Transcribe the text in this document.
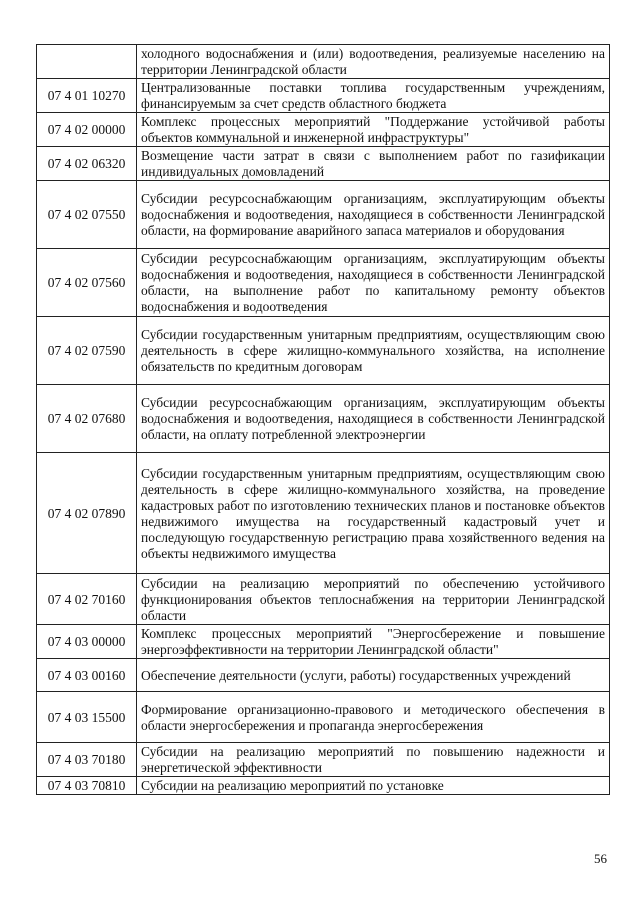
	холодного водоснабжения и (или) водоотведения, реализуемые населению на территории Ленинградской области
07 4 01 10270	Централизованные поставки топлива государственным учреждениям, финансируемым за счет средств областного бюджета
07 4 02 00000	Комплекс процессных мероприятий "Поддержание устойчивой работы объектов коммунальной и инженерной инфраструктуры"
07 4 02 06320	Возмещение части затрат в связи с выполнением работ по газификации индивидуальных домовладений
07 4 02 07550	Субсидии ресурсоснабжающим организациям, эксплуатирующим объекты водоснабжения и водоотведения, находящиеся в собственности Ленинградской области, на формирование аварийного запаса материалов и оборудования
07 4 02 07560	Субсидии ресурсоснабжающим организациям, эксплуатирующим объекты водоснабжения и водоотведения, находящиеся в собственности Ленинградской области, на выполнение работ по капитальному ремонту объектов водоснабжения и водоотведения
07 4 02 07590	Субсидии государственным унитарным предприятиям, осуществляющим свою деятельность в сфере жилищно-коммунального хозяйства, на исполнение обязательств по кредитным договорам
07 4 02 07680	Субсидии ресурсоснабжающим организациям, эксплуатирующим объекты водоснабжения и водоотведения, находящиеся в собственности Ленинградской области, на оплату потребленной электроэнергии
07 4 02 07890	Субсидии государственным унитарным предприятиям, осуществляющим свою деятельность в сфере жилищно-коммунального хозяйства, на проведение кадастровых работ по изготовлению технических планов и постановке объектов недвижимого имущества на государственный кадастровый учет и последующую государственную регистрацию права хозяйственного ведения на объекты недвижимого имущества
07 4 02 70160	Субсидии на реализацию мероприятий по обеспечению устойчивого функционирования объектов теплоснабжения на территории Ленинградской области
07 4 03 00000	Комплекс процессных мероприятий "Энергосбережение и повышение энергоэффективности на территории Ленинградской области"
07 4 03 00160	Обеспечение деятельности (услуги, работы) государственных учреждений
07 4 03 15500	Формирование организационно-правового и методического обеспечения в области энергосбережения и пропаганда энергосбережения
07 4 03 70180	Субсидии на реализацию мероприятий по повышению надежности и энергетической эффективности
07 4 03 70810	Субсидии на реализацию мероприятий по установке
56
